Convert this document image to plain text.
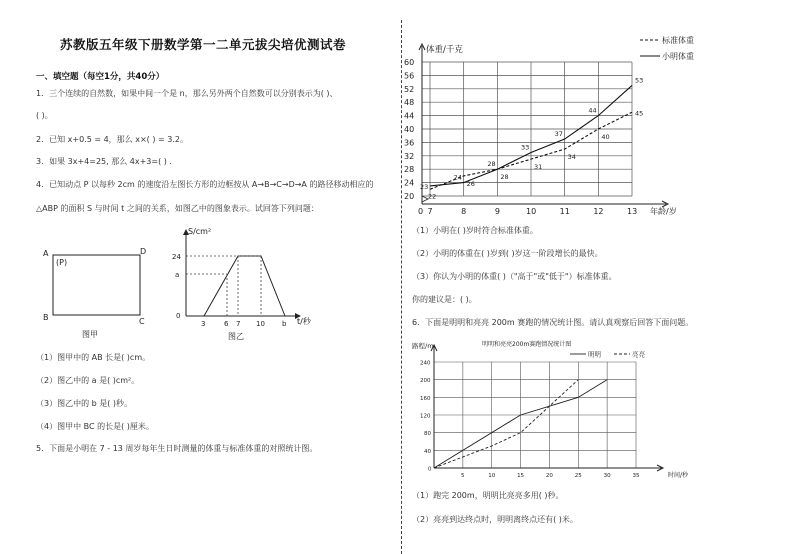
苏教版五年级下册数学第一二单元拔尖培优测试卷
一、填空题（每空1分，共40分）
1．三个连续的自然数，如果中间一个是 n，那么另外两个自然数可以分别表示为( )、
( )。
2．已知 x+0.5 = 4，那么 x×( ) = 3.2。
3．如果 3x+4=25, 那么 4x+3=( ) .
4．已知动点 P 以每秒 2cm 的速度沿左图长方形的边框按从 A→B→C→D→A 的路径移动相应的
△ABP 的面积 S 与时间 t 之间的关系，如图乙中的图象表示。试回答下列问题：
A	D
B	C
(P)
图甲
S/cm²
24
a
0
3	6 7 10 b t/秒
图乙
（1）图甲中的 AB 长是( )cm。
（2）图乙中的 a 是( )cm²。
（3）图乙中的 b 是( )秒。
（4）图甲中 BC 的长是( )厘米。
5．下面是小明在 7 - 13 周岁每年生日时测量的体重与标准体重的对照统计图。
22
26
28
31
34
40
45
23
24
28
33
37
44
53
20
24
28
32
36
40
44
48
52
56
60
0 7	8	9	10	11	12	13
体重/千克
年龄/岁
标准体重
小明体重
（1）小明在( )岁时符合标准体重。
（2）小明的体重在( )岁到( )岁这一阶段增长的最快。
（3）你认为小明的体重( )（"高于"或"低于"）标准体重。
你的建议是：( )。
6．下面是明明和亮亮 200m 赛跑的情况统计图。请认真观察后回答下面问题。
0
40
80
120
160
200
240
5	10	15	20	25	30	35
路程/m
时间/秒
明明和亮亮200m赛跑情况统计图
明明	亮亮
（1）跑完 200m，明明比亮亮多用( )秒。
（2）亮亮到达终点时，明明离终点还有( )米。
